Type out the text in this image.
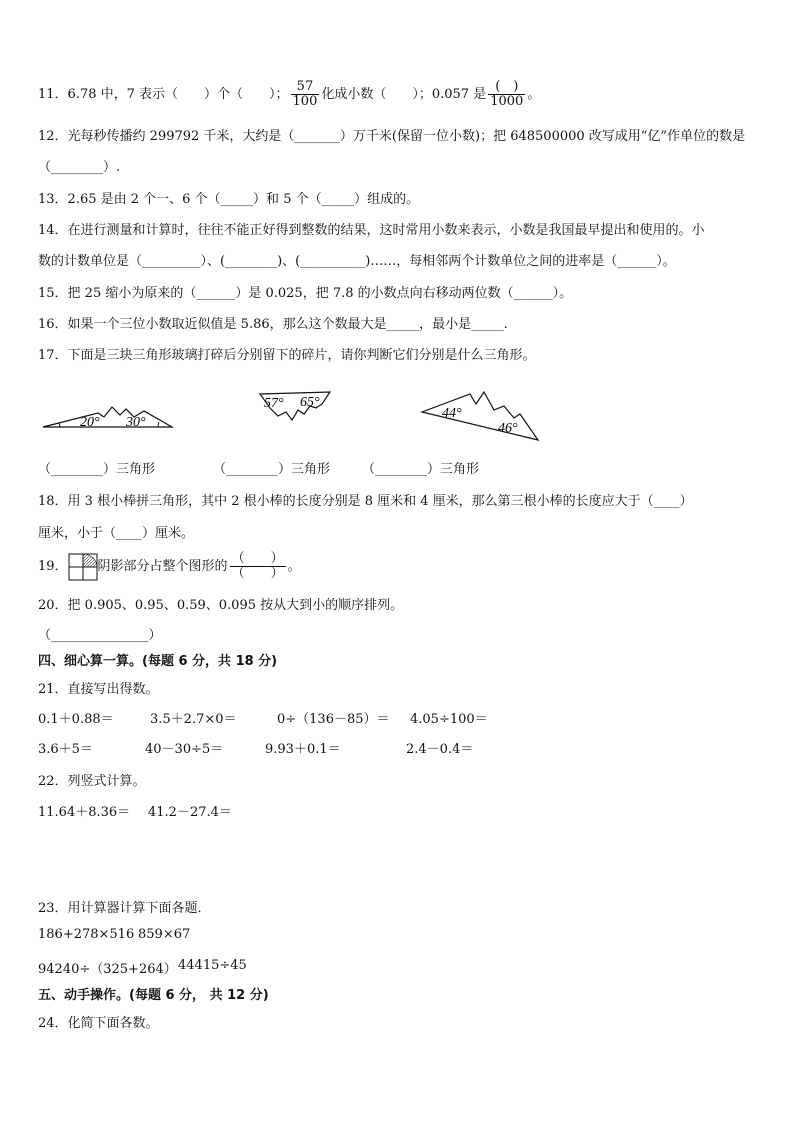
11．6.78 中，7 表示（　　）个（　　）； $\frac{57}{100}$ 化成小数（　　）；0.057 是 $\frac{( )}{1000}$ 。
12．光每秒传播约 299792 千米，大约是（_______）万千米(保留一位小数)；把 648500000 改写成用“亿”作单位的数是
（________）.
13．2.65 是由 2 个一、6 个（_____）和 5 个（_____）组成的。
14．在进行测量和计算时，往往不能正好得到整数的结果，这时常用小数来表示，小数是我国最早提出和使用的。小
数的计数单位是（_________）、(________)、(__________)……，每相邻两个计数单位之间的进率是（______）。
15．把 25 缩小为原来的（______）是 0.025，把 7.8 的小数点向右移动两位数（______）。
16．如果一个三位小数取近似值是 5.86，那么这个数最大是_____，最小是_____.
17．下面是三块三角形玻璃打碎后分别留下的碎片，请你判断它们分别是什么三角形。
20° 30°
57° 65°
44°
46°
（________）三角形	（________）三角形 （________）三角形
18．用 3 根小棒拼三角形，其中 2 根小棒的长度分别是 8 厘米和 4 厘米，那么第三根小棒的长度应大于（____）
厘米，小于（____）厘米。
19． 阴影部分占整个图形的 $\frac{( )}{( )}$ 。
20．把 0.905、0.95、0.59、0.095 按从大到小的顺序排列。
（_______________）
四、细心算一算。(每题 6 分，共 18 分)
21．直接写出得数。
0.1＋0.88＝	3.5＋2.7×0＝	0÷（136－85）＝ 4.05÷100＝
3.6＋5＝	40－30÷5＝	9.93＋0.1＝	2.4－0.4＝
22．列竖式计算。
11.64＋8.36＝ 41.2－27.4＝
23．用计算器计算下面各题．
186+278×516 859×67
94240÷（325+264） 44415÷45
五、动手操作。(每题 6 分， 共 12 分)
24．化简下面各数。
